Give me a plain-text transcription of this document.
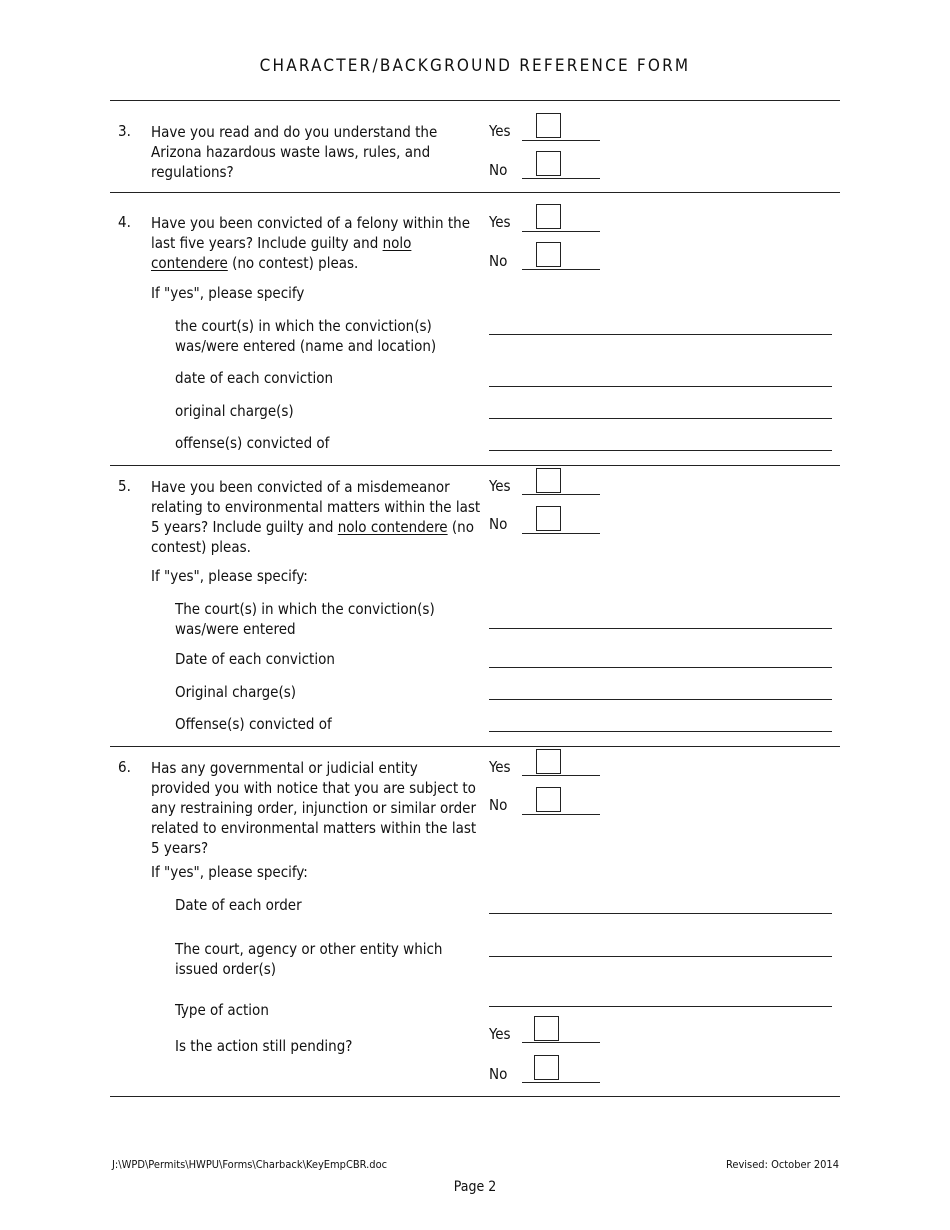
CHARACTER/BACKGROUND REFERENCE FORM
3. Have you read and do you understand the Arizona hazardous waste laws, rules, and regulations?
Yes
No
4. Have you been convicted of a felony within the last five years? Include guilty and nolo contendere (no contest) pleas.
Yes
No
If "yes", please specify
the court(s) in which the conviction(s) was/were entered (name and location)
date of each conviction
original charge(s)
offense(s) convicted of
5. Have you been convicted of a misdemeanor relating to environmental matters within the last 5 years? Include guilty and nolo contendere (no contest) pleas.
Yes
No
If "yes", please specify:
The court(s) in which the conviction(s) was/were entered
Date of each conviction
Original charge(s)
Offense(s) convicted of
6. Has any governmental or judicial entity provided you with notice that you are subject to any restraining order, injunction or similar order related to environmental matters within the last 5 years?
Yes
No
If "yes", please specify:
Date of each order
The court, agency or other entity which issued order(s)
Type of action
Is the action still pending?
Yes
No
J:\WPD\Permits\HWPU\Forms\Charback\KeyEmpCBR.doc	Revised: October 2014
Page 2
